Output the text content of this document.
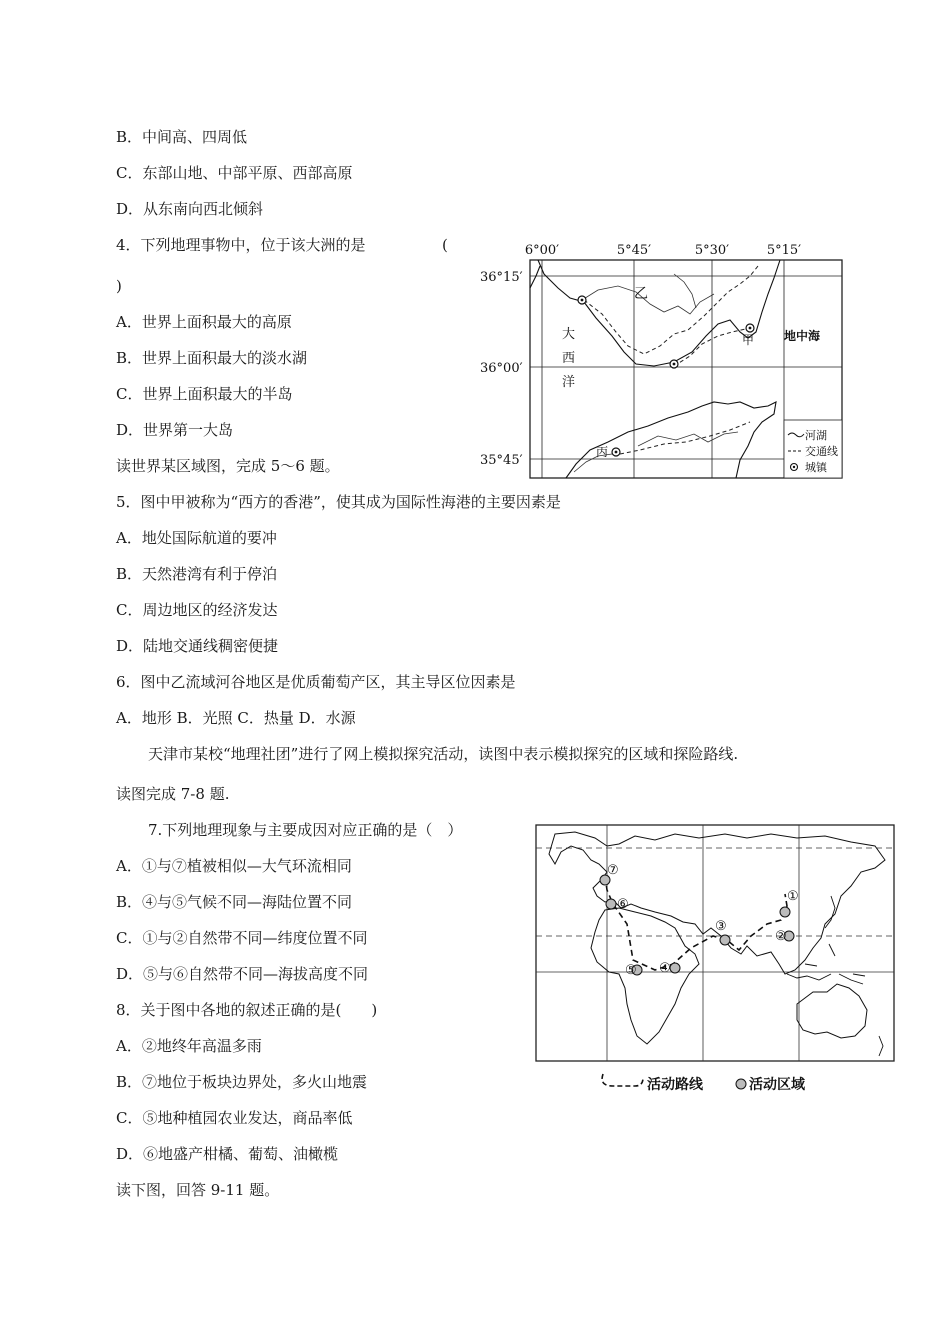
B．中间高、四周低
C．东部山地、中部平原、西部高原
D．从东南向西北倾斜
4．下列地理事物中，位于该大洲的是	(
)
A．世界上面积最大的高原
B．世界上面积最大的淡水湖
C．世界上面积最大的半岛
D．世界第一大岛
读世界某区域图，完成 5～6 题。
5．图中甲被称为“西方的香港”，使其成为国际性海港的主要因素是
A．地处国际航道的要冲
B．天然港湾有利于停泊
C．周边地区的经济发达
D．陆地交通线稠密便捷
6．图中乙流域河谷地区是优质葡萄产区，其主导区位因素是
A．地形 B．光照 C．热量 D．水源
天津市某校“地理社团”进行了网上模拟探究活动，读图中表示模拟探究的区域和探险路线.
读图完成 7-8 题.
7.下列地理现象与主要成因对应正确的是（　）
A．①与⑦植被相似—大气环流相同
B．④与⑤气候不同—海陆位置不同
C．①与②自然带不同—纬度位置不同
D．⑤与⑥自然带不同—海拔高度不同
8．关于图中各地的叙述正确的是(　　)
A．②地终年高温多雨
B．⑦地位于板块边界处，多火山地震
C．⑤地种植园农业发达，商品率低
D．⑥地盛产柑橘、葡萄、油橄榄
读下图，回答 9-11 题。
6°00′	5°45′	5°30′	5°15′
36°15′
36°00′
35°45′
乙
甲
丙
大
西
洋
地中海
河湖
交通线
城镇
①
②
③
④
⑤
⑥
⑦
活动路线	活动区域
